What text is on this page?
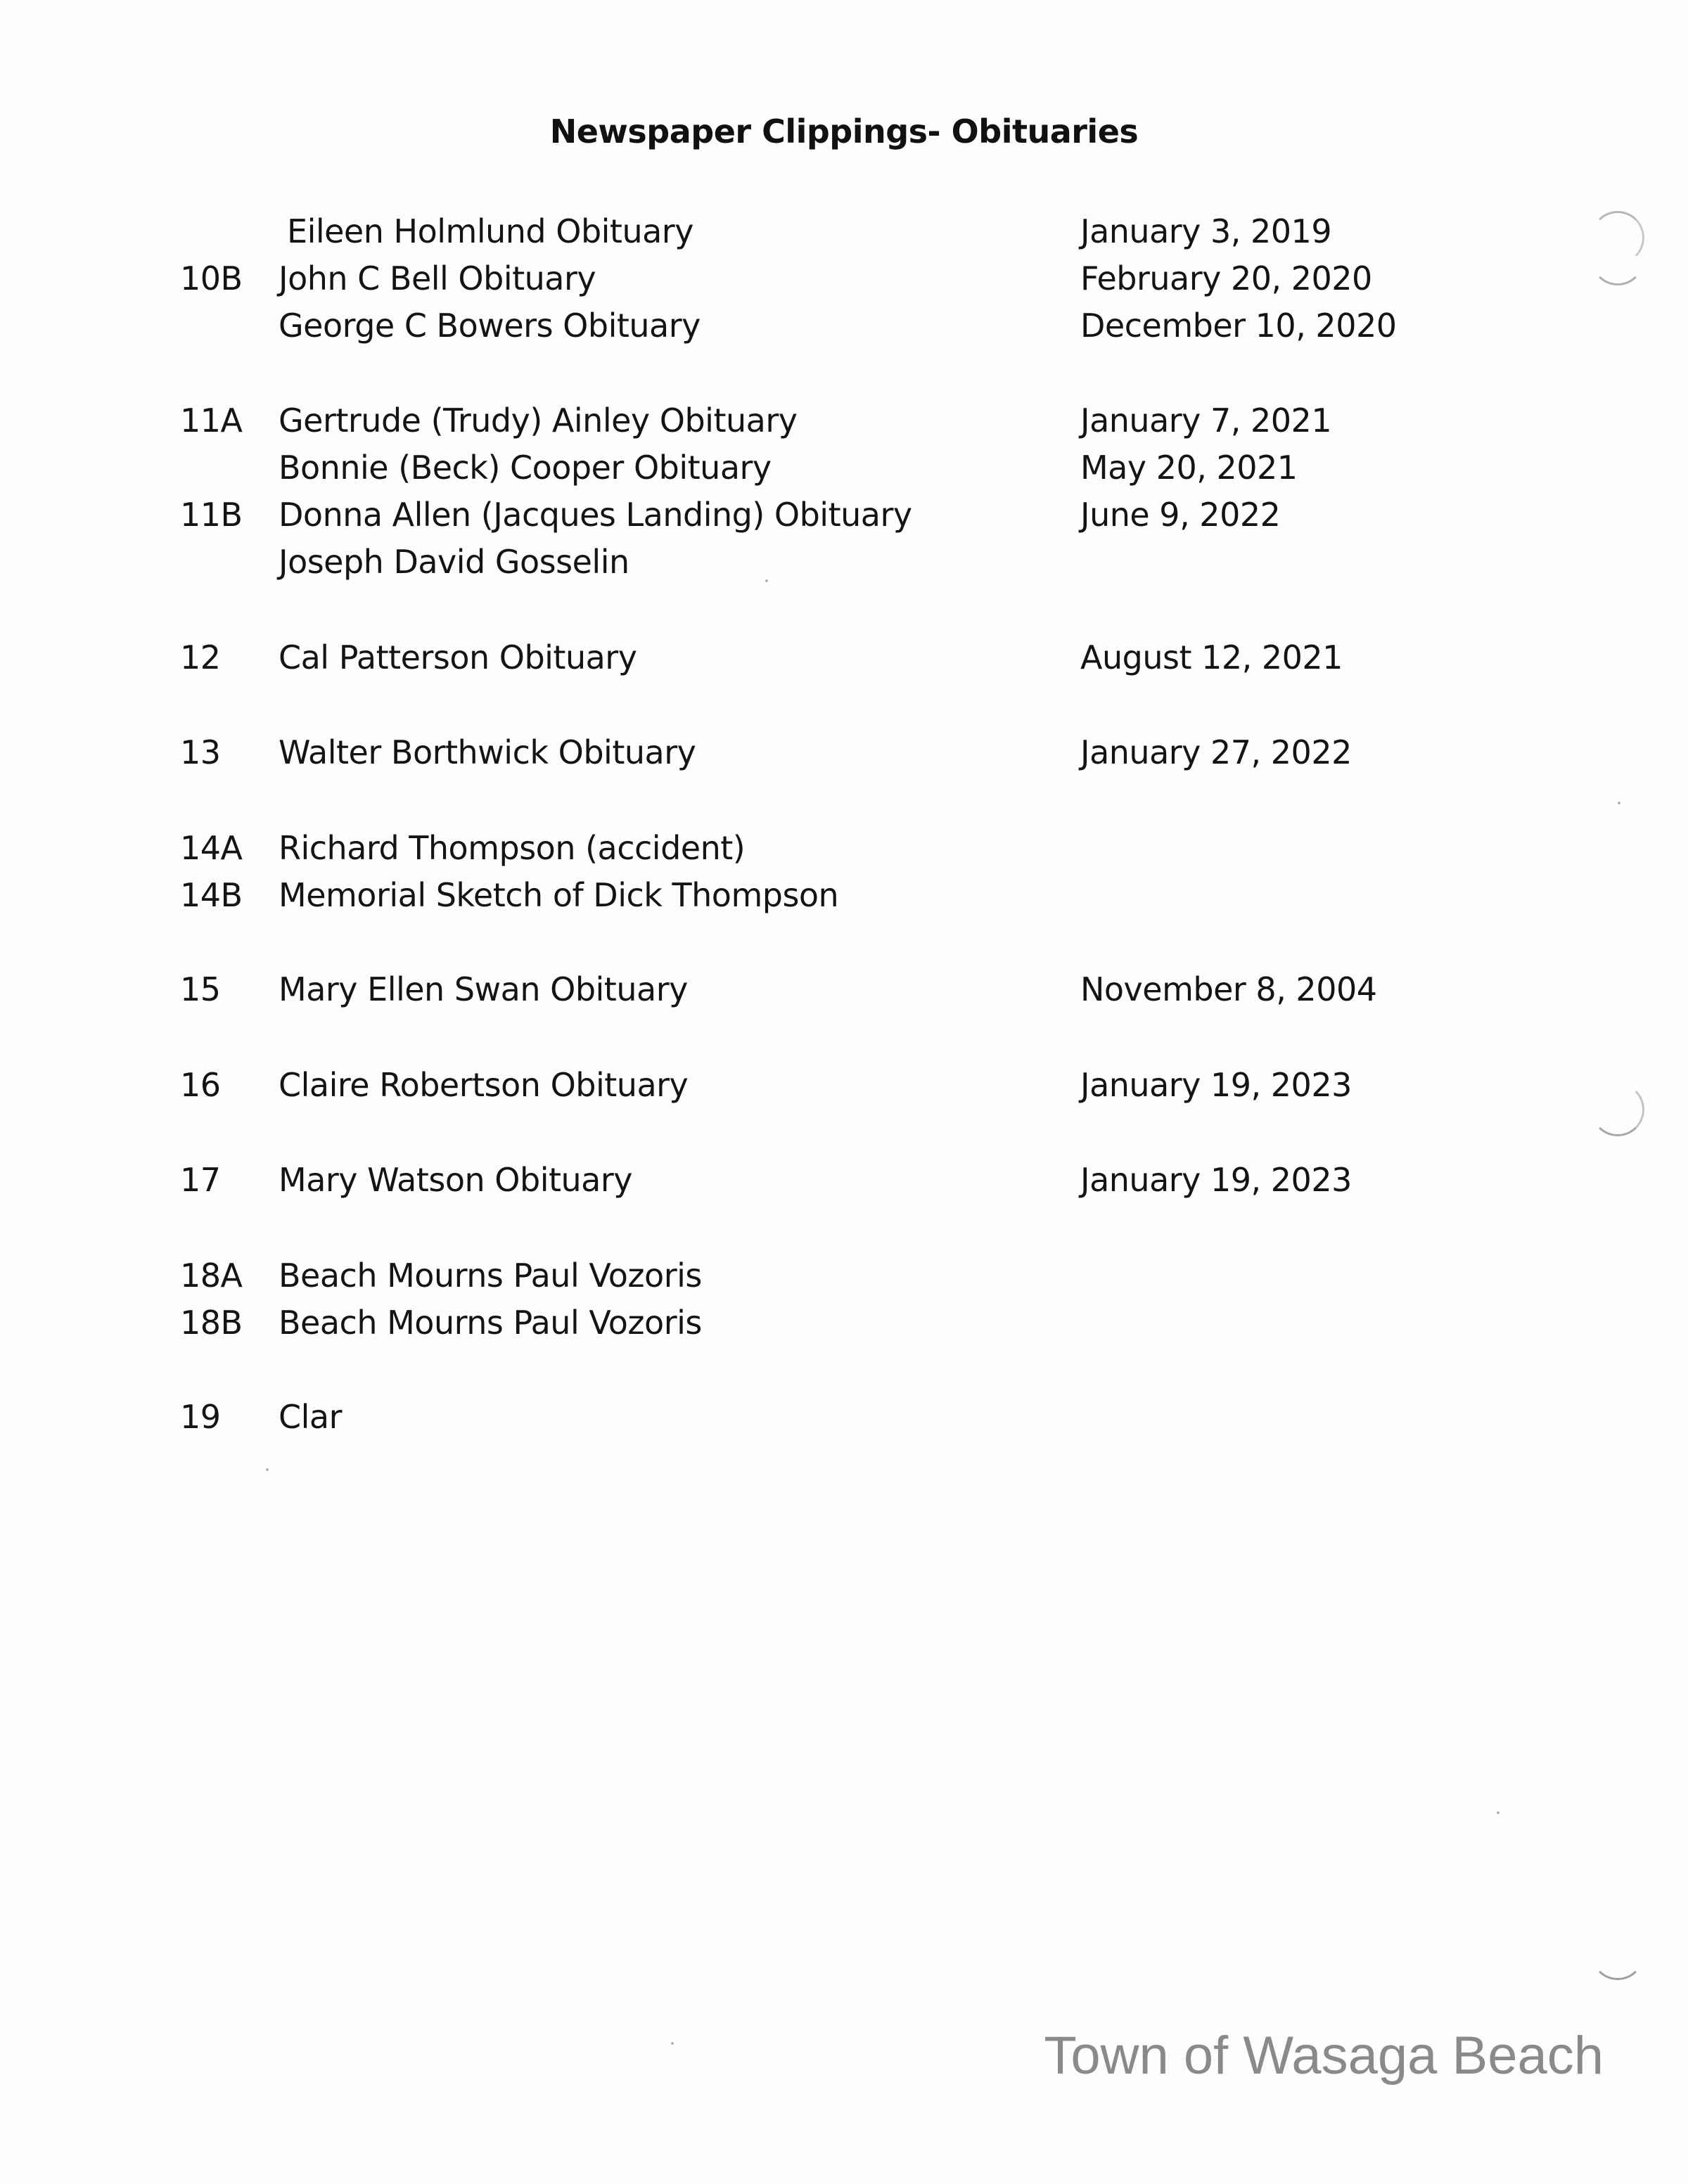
Newspaper Clippings- Obituaries
Eileen Holmlund Obituary	January 3, 2019
10B John C Bell Obituary	February 20, 2020
George C Bowers Obituary	December 10, 2020
11A Gertrude (Trudy) Ainley Obituary	January 7, 2021
Bonnie (Beck) Cooper Obituary	May 20, 2021
11B Donna Allen (Jacques Landing) Obituary	June 9, 2022
Joseph David Gosselin
12 Cal Patterson Obituary	August 12, 2021
13 Walter Borthwick Obituary	January 27, 2022
14A Richard Thompson (accident)
14B Memorial Sketch of Dick Thompson
15 Mary Ellen Swan Obituary	November 8, 2004
16 Claire Robertson Obituary	January 19, 2023
17 Mary Watson Obituary	January 19, 2023
18A Beach Mourns Paul Vozoris
18B Beach Mourns Paul Vozoris
19 Clar
Town of Wasaga Beach
